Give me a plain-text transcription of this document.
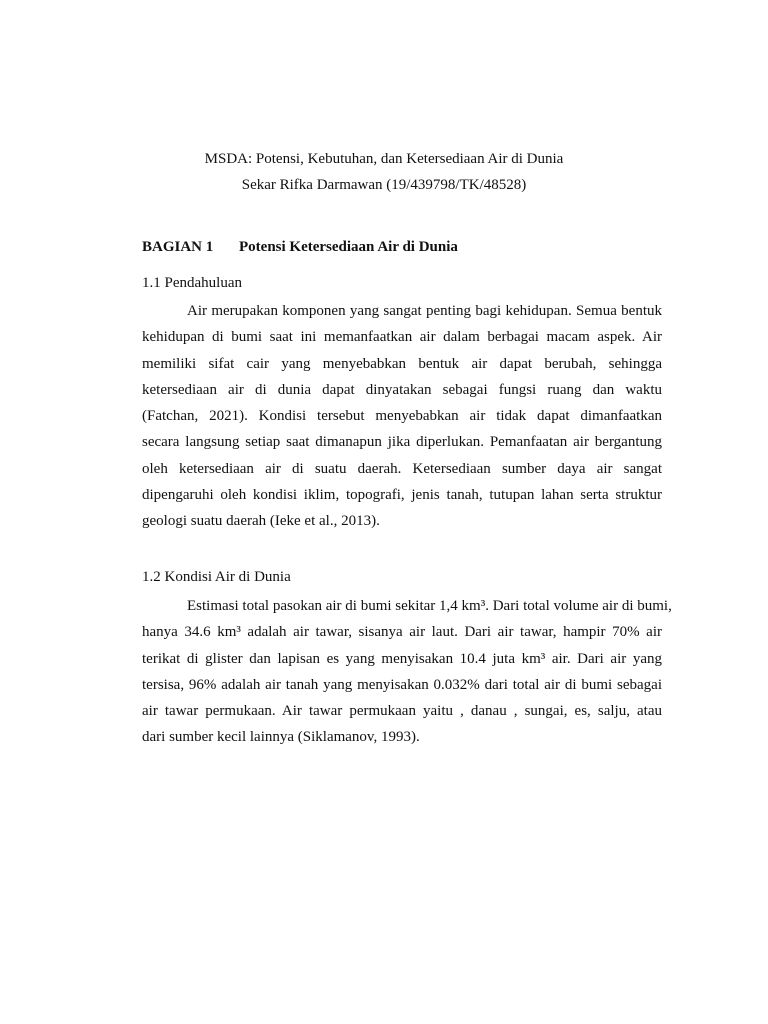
MSDA: Potensi, Kebutuhan, dan Ketersediaan Air di Dunia
Sekar Rifka Darmawan (19/439798/TK/48528)
BAGIAN 1 Potensi Ketersediaan Air di Dunia
1.1 Pendahuluan
Air merupakan komponen yang sangat penting bagi kehidupan. Semua bentuk
kehidupan di bumi saat ini memanfaatkan air dalam berbagai macam aspek. Air
memiliki sifat cair yang menyebabkan bentuk air dapat berubah, sehingga
ketersediaan air di dunia dapat dinyatakan sebagai fungsi ruang dan waktu
(Fatchan, 2021). Kondisi tersebut menyebabkan air tidak dapat dimanfaatkan
secara langsung setiap saat dimanapun jika diperlukan. Pemanfaatan air bergantung
oleh ketersediaan air di suatu daerah. Ketersediaan sumber daya air sangat
dipengaruhi oleh kondisi iklim, topografi, jenis tanah, tutupan lahan serta struktur
geologi suatu daerah (Ieke et al., 2013).
1.2 Kondisi Air di Dunia
Estimasi total pasokan air di bumi sekitar 1,4 km³. Dari total volume air di bumi,
hanya 34.6 km³ adalah air tawar, sisanya air laut. Dari air tawar, hampir 70% air
terikat di glister dan lapisan es yang menyisakan 10.4 juta km³ air. Dari air yang
tersisa, 96% adalah air tanah yang menyisakan 0.032% dari total air di bumi sebagai
air tawar permukaan. Air tawar permukaan yaitu , danau , sungai, es, salju, atau
dari sumber kecil lainnya (Siklamanov, 1993).
